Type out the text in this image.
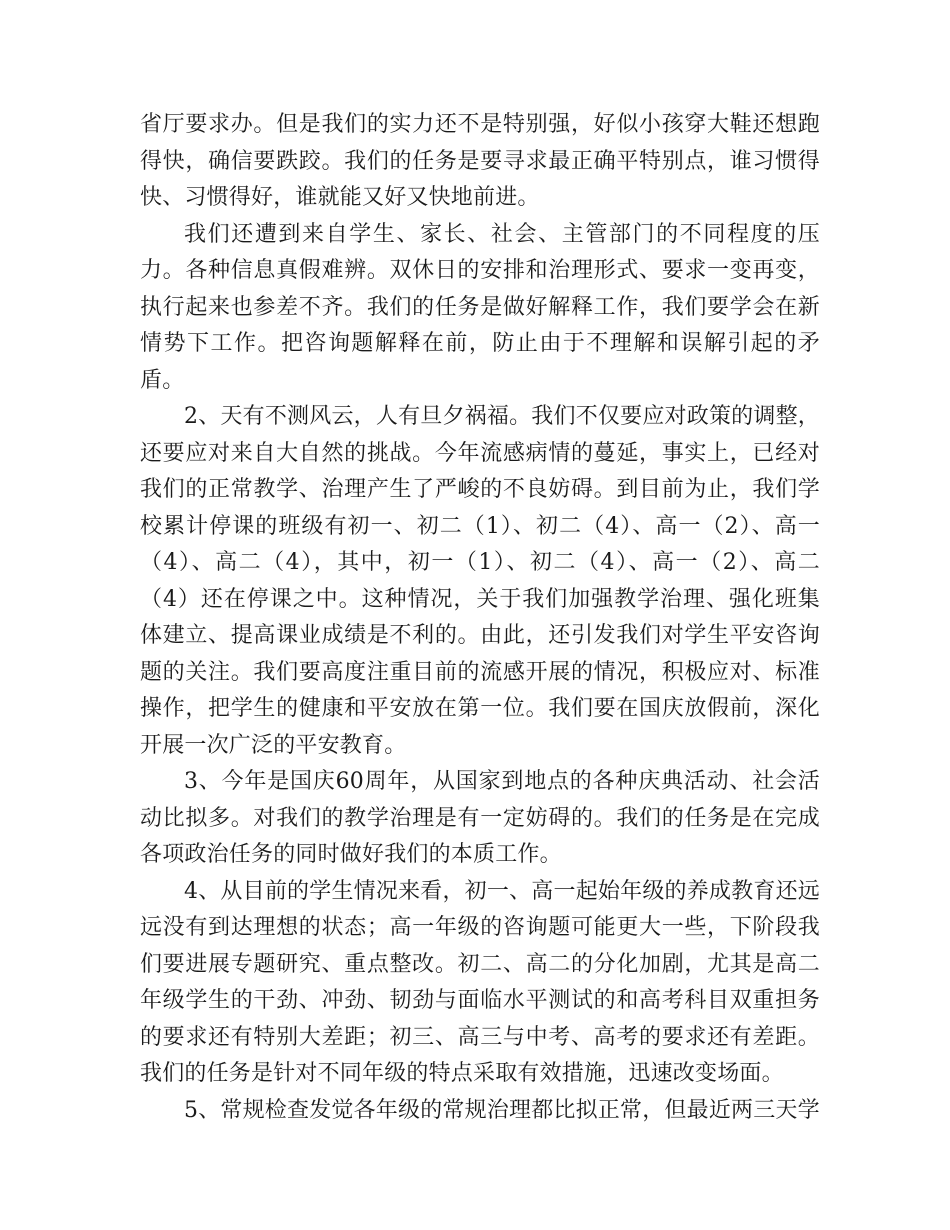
省厅要求办。但是我们的实力还不是特别强，好似小孩穿大鞋还想跑得快，确信要跌跤。我们的任务是要寻求最正确平特别点，谁习惯得快、习惯得好，谁就能又好又快地前进。

我们还遭到来自学生、家长、社会、主管部门的不同程度的压力。各种信息真假难辨。双休日的安排和治理形式、要求一变再变，执行起来也参差不齐。我们的任务是做好解释工作，我们要学会在新情势下工作。把咨询题解释在前，防止由于不理解和误解引起的矛盾。

2、天有不测风云，人有旦夕祸福。我们不仅要应对政策的调整，还要应对来自大自然的挑战。今年流感病情的蔓延，事实上，已经对我们的正常教学、治理产生了严峻的不良妨碍。到目前为止，我们学校累计停课的班级有初一、初二（1）、初二（4）、高一（2）、高一（4）、高二（4），其中，初一（1）、初二（4）、高一（2）、高二（4）还在停课之中。这种情况，关于我们加强教学治理、强化班集体建立、提高课业成绩是不利的。由此，还引发我们对学生平安咨询题的关注。我们要高度注重目前的流感开展的情况，积极应对、标准操作，把学生的健康和平安放在第一位。我们要在国庆放假前，深化开展一次广泛的平安教育。

3、今年是国庆60周年，从国家到地点的各种庆典活动、社会活动比拟多。对我们的教学治理是有一定妨碍的。我们的任务是在完成各项政治任务的同时做好我们的本质工作。

4、从目前的学生情况来看，初一、高一起始年级的养成教育还远远没有到达理想的状态；高一年级的咨询题可能更大一些，下阶段我们要进展专题研究、重点整改。初二、高二的分化加剧，尤其是高二年级学生的干劲、冲劲、韧劲与面临水平测试的和高考科目双重担务的要求还有特别大差距；初三、高三与中考、高考的要求还有差距。我们的任务是针对不同年级的特点采取有效措施，迅速改变场面。

5、常规检查发觉各年级的常规治理都比拟正常，但最近两三天学
